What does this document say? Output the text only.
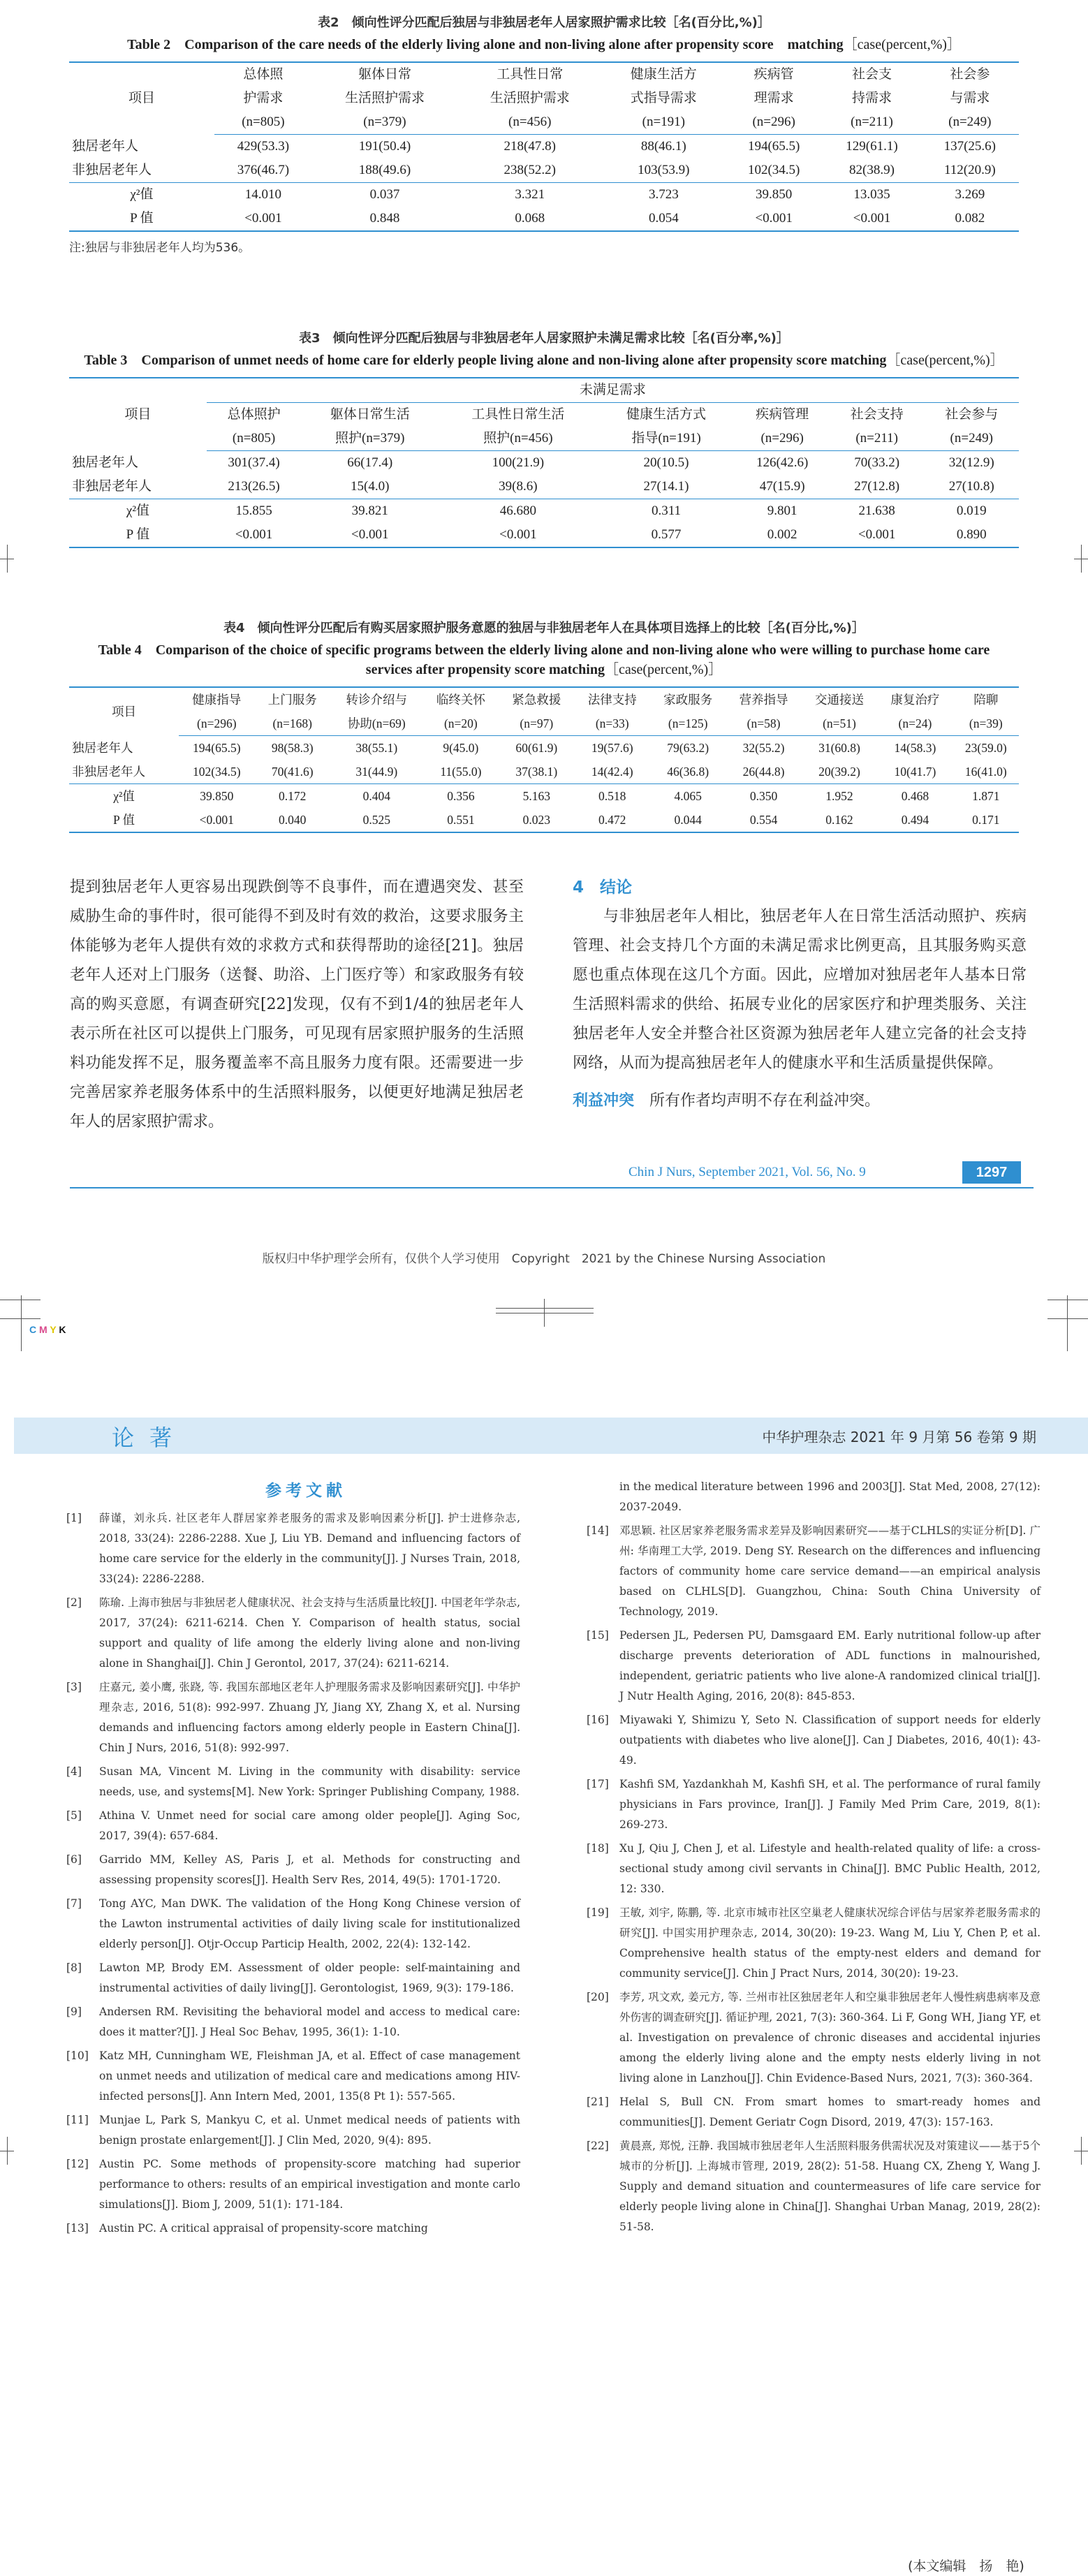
表2　倾向性评分匹配后独居与非独居老年人居家照护需求比较［名(百分比,%)］
Table 2　Comparison of the care needs of the elderly living alone and non-living alone after propensity score　matching［case(percent,%)］
项目	总体照	躯体日常	工具性日常	健康生活方	疾病管	社会支	社会参
	护需求	生活照护需求	生活照护需求	式指导需求	理需求	持需求	与需求
	(n=805)	(n=379)	(n=456)	(n=191)	(n=296)	(n=211)	(n=249)
独居老年人	429(53.3)	191(50.4)	218(47.8)	88(46.1)	194(65.5)	129(61.1)	137(25.6)
非独居老年人	376(46.7)	188(49.6)	238(52.2)	103(53.9)	102(34.5)	82(38.9)	112(20.9)
χ²值	14.010	0.037	3.321	3.723	39.850	13.035	3.269
P 值	<0.001	0.848	0.068	0.054	<0.001	<0.001	0.082
注:独居与非独居老年人均为536。
表3　倾向性评分匹配后独居与非独居老年人居家照护未满足需求比较［名(百分率,%)］
Table 3　Comparison of unmet needs of home care for elderly people living alone and non-living alone after propensity score matching［case(percent,%)］
项目	未满足需求						
	总体照护	躯体日常生活	工具性日常生活	健康生活方式	疾病管理	社会支持	社会参与
	(n=805)	照护(n=379)	照护(n=456)	指导(n=191)	(n=296)	(n=211)	(n=249)
独居老年人	301(37.4)	66(17.4)	100(21.9)	20(10.5)	126(42.6)	70(33.2)	32(12.9)
非独居老年人	213(26.5)	15(4.0)	39(8.6)	27(14.1)	47(15.9)	27(12.8)	27(10.8)
χ²值	15.855	39.821	46.680	0.311	9.801	21.638	0.019
P 值	<0.001	<0.001	<0.001	0.577	0.002	<0.001	0.890
表4　倾向性评分匹配后有购买居家照护服务意愿的独居与非独居老年人在具体项目选择上的比较［名(百分比,%)］
Table 4　Comparison of the choice of specific programs between the elderly living alone and non-living alone who were willing to purchase home care services after propensity score matching［case(percent,%)］
项目	健康指导	上门服务	转诊介绍与	临终关怀	紧急救援	法律支持	家政服务	营养指导	交通接送	康复治疗	陪聊
	(n=296)	(n=168)	协助(n=69)	(n=20)	(n=97)	(n=33)	(n=125)	(n=58)	(n=51)	(n=24)	(n=39)
独居老年人	194(65.5)	98(58.3)	38(55.1)	9(45.0)	60(61.9)	19(57.6)	79(63.2)	32(55.2)	31(60.8)	14(58.3)	23(59.0)
非独居老年人	102(34.5)	70(41.6)	31(44.9)	11(55.0)	37(38.1)	14(42.4)	46(36.8)	26(44.8)	20(39.2)	10(41.7)	16(41.0)
χ²值	39.850	0.172	0.404	0.356	5.163	0.518	4.065	0.350	1.952	0.468	1.871
P 值	<0.001	0.040	0.525	0.551	0.023	0.472	0.044	0.554	0.162	0.494	0.171
提到独居老年人更容易出现跌倒等不良事件，而在遭遇突发、甚至威胁生命的事件时，很可能得不到及时有效的救治，这要求服务主体能够为老年人提供有效的求救方式和获得帮助的途径[21]。独居老年人还对上门服务（送餐、助浴、上门医疗等）和家政服务有较高的购买意愿，有调查研究[22]发现，仅有不到1/4的独居老年人表示所在社区可以提供上门服务，可见现有居家照护服务的生活照料功能发挥不足，服务覆盖率不高且服务力度有限。还需要进一步完善居家养老服务体系中的生活照料服务，以便更好地满足独居老年人的居家照护需求。
4　结论
与非独居老年人相比，独居老年人在日常生活活动照护、疾病管理、社会支持几个方面的未满足需求比例更高，且其服务购买意愿也重点体现在这几个方面。因此，应增加对独居老年人基本日常生活照料需求的供给、拓展专业化的居家医疗和护理类服务、关注独居老年人安全并整合社区资源为独居老年人建立完备的社会支持网络，从而为提高独居老年人的健康水平和生活质量提供保障。
利益冲突　 所有作者均声明不存在利益冲突。
Chin J Nurs, September 2021, Vol. 56, No. 9	1297
版权归中华护理学会所有，仅供个人学习使用　Copyright　2021 by the Chinese Nursing Association
C M Y K
论著	中华护理杂志 2021 年 9 月第 56 卷第 9 期
参考文献
[1]	薛谨，刘永兵. 社区老年人群居家养老服务的需求及影响因素分析[J]. 护士进修杂志, 2018, 33(24): 2286-2288. Xue J, Liu YB. Demand and influencing factors of home care service for the elderly in the community[J]. J Nurses Train, 2018, 33(24): 2286-2288.
[2]	陈瑜. 上海市独居与非独居老人健康状况、社会支持与生活质量比较[J]. 中国老年学杂志, 2017, 37(24): 6211-6214. Chen Y. Comparison of health status, social support and quality of life among the elderly living alone and non-living alone in Shanghai[J]. Chin J Gerontol, 2017, 37(24): 6211-6214.
[3]	庄嘉元, 姜小鹰, 张跷, 等. 我国东部地区老年人护理服务需求及影响因素研究[J]. 中华护理杂志, 2016, 51(8): 992-997. Zhuang JY, Jiang XY, Zhang X, et al. Nursing demands and influencing factors among elderly people in Eastern China[J]. Chin J Nurs, 2016, 51(8): 992-997.
[4]	Susan MA, Vincent M. Living in the community with disability: service needs, use, and systems[M]. New York: Springer Publishing Company, 1988.
[5]	Athina V. Unmet need for social care among older people[J]. Aging Soc, 2017, 39(4): 657-684.
[6]	Garrido MM, Kelley AS, Paris J, et al. Methods for constructing and assessing propensity scores[J]. Health Serv Res, 2014, 49(5): 1701-1720.
[7]	Tong AYC, Man DWK. The validation of the Hong Kong Chinese version of the Lawton instrumental activities of daily living scale for institutionalized elderly person[J]. Otjr-Occup Particip Health, 2002, 22(4): 132-142.
[8]	Lawton MP, Brody EM. Assessment of older people: self-maintaining and instrumental activities of daily living[J]. Gerontologist, 1969, 9(3): 179-186.
[9]	Andersen RM. Revisiting the behavioral model and access to medical care: does it matter?[J]. J Heal Soc Behav, 1995, 36(1): 1-10.
[10] Katz MH, Cunningham WE, Fleishman JA, et al. Effect of case management on unmet needs and utilization of medical care and medications among HIV-infected persons[J]. Ann Intern Med, 2001, 135(8 Pt 1): 557-565.
[11] Munjae L, Park S, Mankyu C, et al. Unmet medical needs of patients with benign prostate enlargement[J]. J Clin Med, 2020, 9(4): 895.
[12] Austin PC. Some methods of propensity-score matching had superior performance to others: results of an empirical investigation and monte carlo simulations[J]. Biom J, 2009, 51(1): 171-184.
[13] Austin PC. A critical appraisal of propensity-score matching
in the medical literature between 1996 and 2003[J]. Stat Med, 2008, 27(12): 2037-2049.
[14] 邓思颖. 社区居家养老服务需求差异及影响因素研究——基于CLHLS的实证分析[D]. 广州: 华南理工大学, 2019. Deng SY. Research on the differences and influencing factors of community home care service demand——an empirical analysis based on CLHLS[D]. Guangzhou, China: South China University of Technology, 2019.
[15] Pedersen JL, Pedersen PU, Damsgaard EM. Early nutritional follow-up after discharge prevents deterioration of ADL functions in malnourished, independent, geriatric patients who live alone-A randomized clinical trial[J]. J Nutr Health Aging, 2016, 20(8): 845-853.
[16] Miyawaki Y, Shimizu Y, Seto N. Classification of support needs for elderly outpatients with diabetes who live alone[J]. Can J Diabetes, 2016, 40(1): 43-49.
[17] Kashfi SM, Yazdankhah M, Kashfi SH, et al. The performance of rural family physicians in Fars province, Iran[J]. J Family Med Prim Care, 2019, 8(1): 269-273.
[18] Xu J, Qiu J, Chen J, et al. Lifestyle and health-related quality of life: a cross-sectional study among civil servants in China[J]. BMC Public Health, 2012, 12: 330.
[19] 王敏, 刘宇, 陈鹏, 等. 北京市城市社区空巢老人健康状况综合评估与居家养老服务需求的研究[J]. 中国实用护理杂志, 2014, 30(20): 19-23. Wang M, Liu Y, Chen P, et al. Comprehensive health status of the empty-nest elders and demand for community service[J]. Chin J Pract Nurs, 2014, 30(20): 19-23.
[20] 李芳, 巩文欢, 姜元方, 等. 兰州市社区独居老年人和空巢非独居老年人慢性病患病率及意外伤害的调查研究[J]. 循证护理, 2021, 7(3): 360-364. Li F, Gong WH, Jiang YF, et al. Investigation on prevalence of chronic diseases and accidental injuries among the elderly living alone and the empty nests elderly living in not living alone in Lanzhou[J]. Chin Evidence-Based Nurs, 2021, 7(3): 360-364.
[21] Helal S, Bull CN. From smart homes to smart-ready homes and communities[J]. Dement Geriatr Cogn Disord, 2019, 47(3): 157-163.
[22] 黄晨熹, 郑悦, 汪静. 我国城市独居老年人生活照料服务供需状况及对策建议——基于5个城市的分析[J]. 上海城市管理, 2019, 28(2): 51-58. Huang CX, Zheng Y, Wang J. Supply and demand situation and countermeasures of life care service for elderly people living alone in China[J]. Shanghai Urban Manag, 2019, 28(2): 51-58.
(本文编辑　扬　艳)
